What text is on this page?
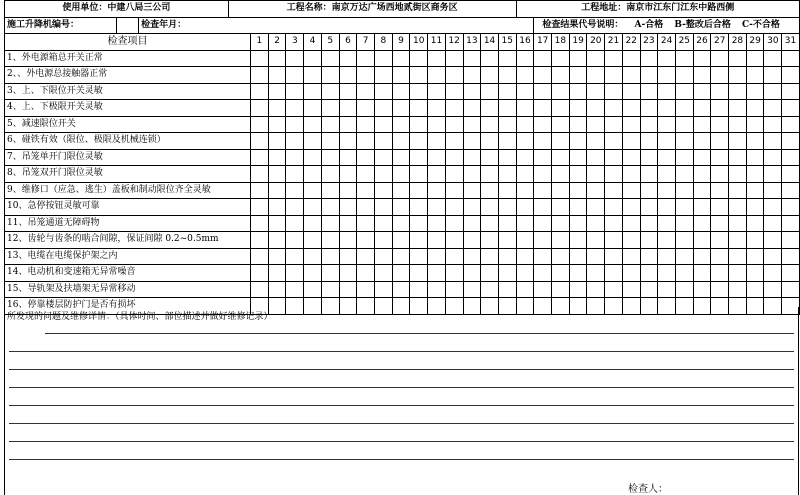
使用单位：中建八局三公司			工程名称：南京万达广场西地贰街区商务区																工程地址：南京市江东门江东中路西侧															
施工升降机编号：		检查年月：																		检查结果代号说明： A-合格 B-整改后合格 C-不合格														
检查项目				1	2	3	4	5	6	7	8	9	10	11	12	13	14	15	16	17	18	19	20	21	22	23	24	25	26	27	28	29	30	31
1、外电源箱总开关正常																																		
2、、外电源总接触器正常																																		
3、上、下限位开关灵敏																																		
4、上、下极限开关灵敏																																		
5、减速限位开关																																		
6、碰铁有效（限位、极限及机械连锁）																																		
7、吊笼单开门限位灵敏																																		
8、吊笼双开门限位灵敏																																		
9、维修口（应急、逃生）盖板和制动限位齐全灵敏																																		
10、急停按钮灵敏可靠																																		
11、吊笼通道无障碍物																																		
12、齿轮与齿条的啮合间隙，保证间隙 0.2~0.5mm																																		
13、电缆在电缆保护架之内																																		
14、电动机和变速箱无异常噪音																																		
15、导轨架及扶墙架无异常移动																																		
16、停靠楼层防护门是否有损坏																																		
所发现的问题及维修详情：（具体时间、部位描述并做好维修记录）
检查人：
